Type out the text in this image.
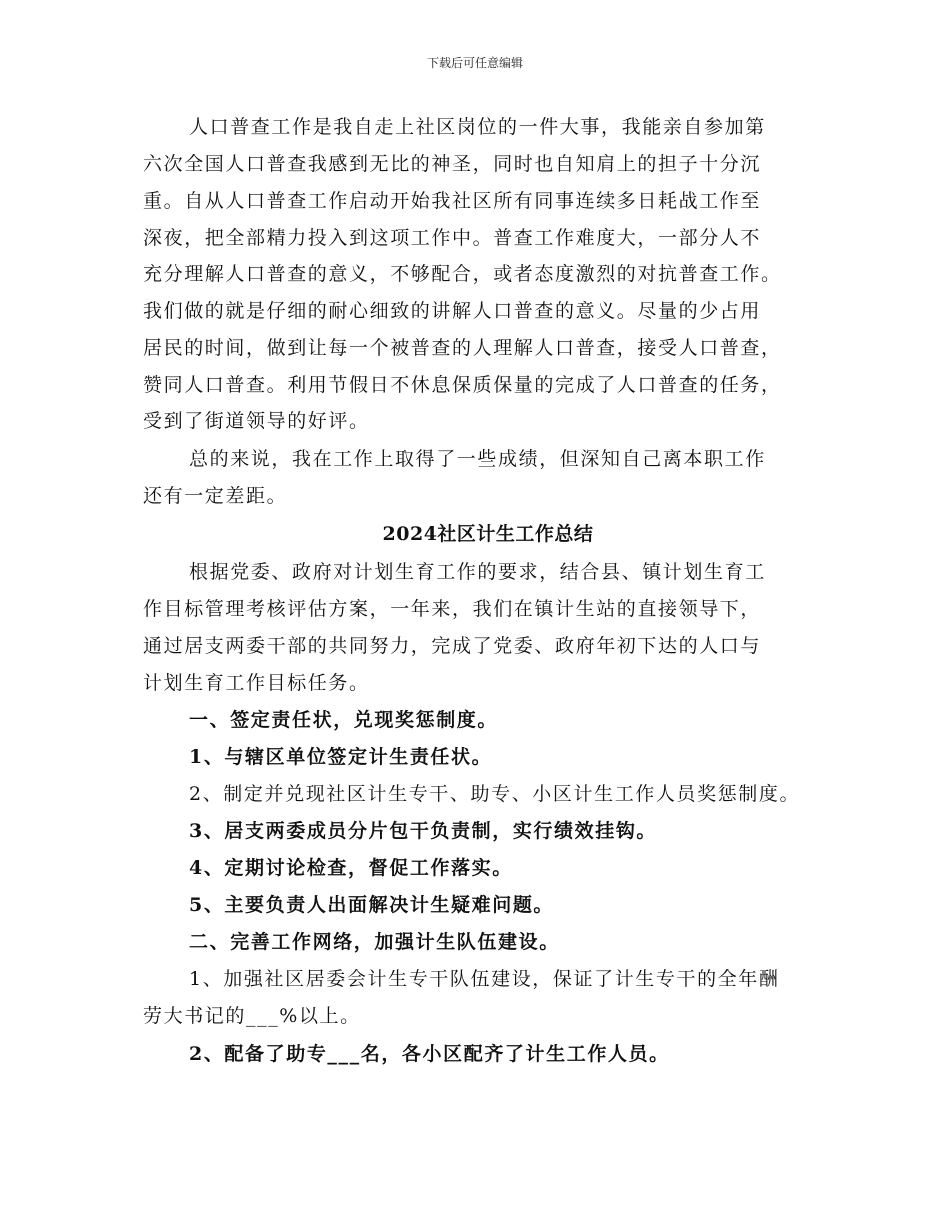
下载后可任意编辑
人口普查工作是我自走上社区岗位的一件大事，我能亲自参加第
六次全国人口普查我感到无比的神圣，同时也自知肩上的担子十分沉
重。自从人口普查工作启动开始我社区所有同事连续多日耗战工作至
深夜，把全部精力投入到这项工作中。普查工作难度大，一部分人不
充分理解人口普查的意义，不够配合，或者态度激烈的对抗普查工作。
我们做的就是仔细的耐心细致的讲解人口普查的意义。尽量的少占用
居民的时间，做到让每一个被普查的人理解人口普查，接受人口普查，
赞同人口普查。利用节假日不休息保质保量的完成了人口普查的任务，
受到了街道领导的好评。
总的来说，我在工作上取得了一些成绩，但深知自己离本职工作
还有一定差距。
2024社区计生工作总结
根据党委、政府对计划生育工作的要求，结合县、镇计划生育工
作目标管理考核评估方案，一年来，我们在镇计生站的直接领导下，
通过居支两委干部的共同努力，完成了党委、政府年初下达的人口与
计划生育工作目标任务。
一、签定责任状，兑现奖惩制度。
1、与辖区单位签定计生责任状。
2、制定并兑现社区计生专干、助专、小区计生工作人员奖惩制度。
3、居支两委成员分片包干负责制，实行绩效挂钩。
4、定期讨论检查，督促工作落实。
5、主要负责人出面解决计生疑难问题。
二、完善工作网络，加强计生队伍建设。
1、加强社区居委会计生专干队伍建设，保证了计生专干的全年酬
劳大书记的___%以上。
2、配备了助专___名，各小区配齐了计生工作人员。
